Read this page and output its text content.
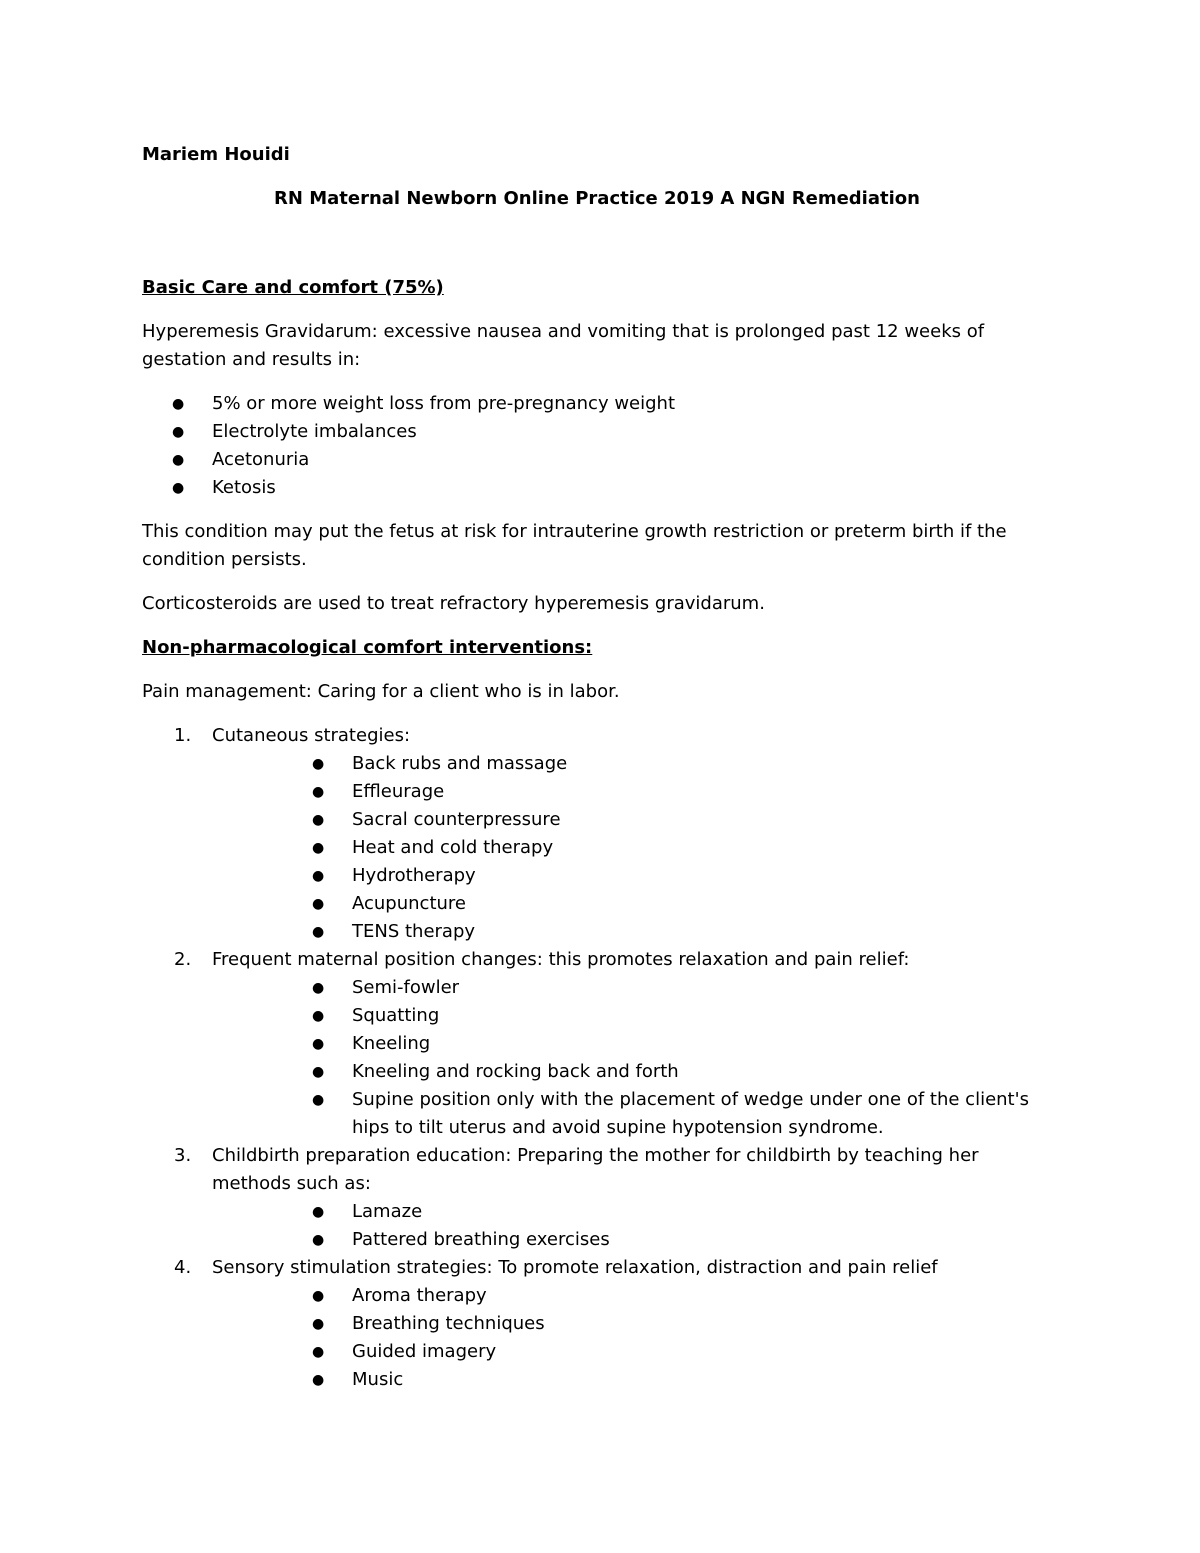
Mariem Houidi
RN Maternal Newborn Online Practice 2019 A NGN Remediation
Basic Care and comfort (75%)

Hyperemesis Gravidarum: excessive nausea and vomiting that is prolonged past 12 weeks of gestation and results in:

● 5% or more weight loss from pre-pregnancy weight
● Electrolyte imbalances
● Acetonuria
● Ketosis

This condition may put the fetus at risk for intrauterine growth restriction or preterm birth if the condition persists.

Corticosteroids are used to treat refractory hyperemesis gravidarum.

Non-pharmacological comfort interventions:

Pain management: Caring for a client who is in labor.

1. Cutaneous strategies:
● Back rubs and massage
● Effleurage
● Sacral counterpressure
● Heat and cold therapy
● Hydrotherapy
● Acupuncture
● TENS therapy
2. Frequent maternal position changes: this promotes relaxation and pain relief:
● Semi-fowler
● Squatting
● Kneeling
● Kneeling and rocking back and forth
● Supine position only with the placement of wedge under one of the client's hips to tilt uterus and avoid supine hypotension syndrome.
3. Childbirth preparation education: Preparing the mother for childbirth by teaching her methods such as:
● Lamaze
● Pattered breathing exercises
4. Sensory stimulation strategies: To promote relaxation, distraction and pain relief
● Aroma therapy
● Breathing techniques
● Guided imagery
● Music
